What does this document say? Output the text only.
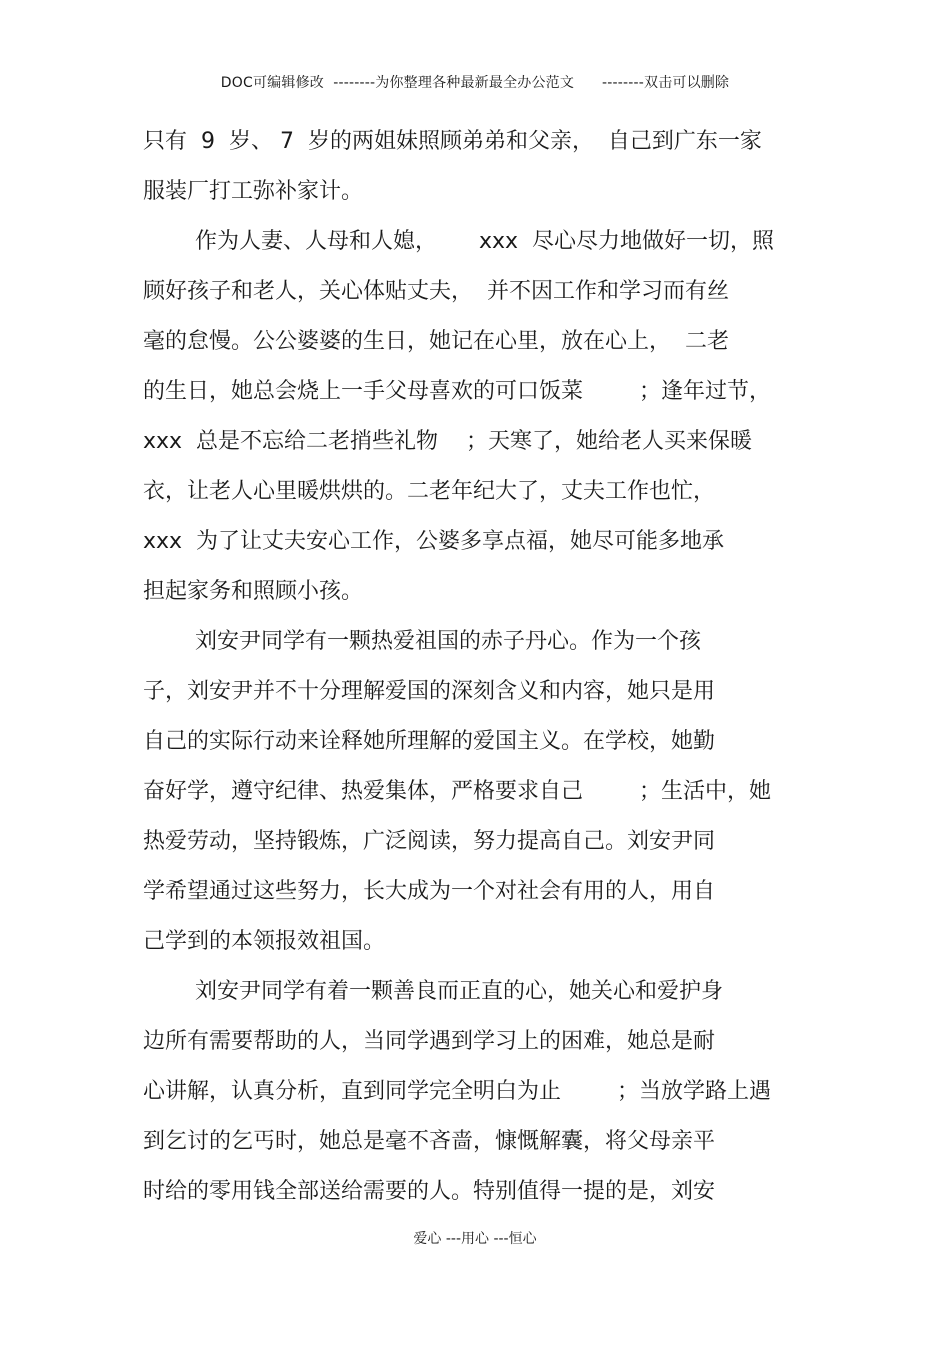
DOC可编辑修改  --------为你整理各种最新最全办公范文      --------双击可以删除
只有  9  岁、 7  岁的两姐妹照顾弟弟和父亲，  自己到广东一家
服装厂打工弥补家计。
作为人妻、人母和人媳，      xxx  尽心尽力地做好一切，照
顾好孩子和老人，关心体贴丈夫，  并不因工作和学习而有丝
毫的怠慢。公公婆婆的生日，她记在心里，放在心上，  二老
的生日，她总会烧上一手父母喜欢的可口饭菜        ；逢年过节，
xxx  总是不忘给二老捎些礼物    ；天寒了，她给老人买来保暖
衣，让老人心里暖烘烘的。二老年纪大了，丈夫工作也忙，
xxx  为了让丈夫安心工作，公婆多享点福，她尽可能多地承
担起家务和照顾小孩。
刘安尹同学有一颗热爱祖国的赤子丹心。作为一个孩
子，刘安尹并不十分理解爱国的深刻含义和内容，她只是用
自己的实际行动来诠释她所理解的爱国主义。在学校，她勤
奋好学，遵守纪律、热爱集体，严格要求自己        ；生活中，她
热爱劳动，坚持锻炼，广泛阅读，努力提高自己。刘安尹同
学希望通过这些努力，长大成为一个对社会有用的人，用自
己学到的本领报效祖国。
刘安尹同学有着一颗善良而正直的心，她关心和爱护身
边所有需要帮助的人，当同学遇到学习上的困难，她总是耐
心讲解，认真分析，直到同学完全明白为止        ；当放学路上遇
到乞讨的乞丐时，她总是毫不吝啬，慷慨解囊，将父母亲平
时给的零用钱全部送给需要的人。特别值得一提的是，刘安
爱心 ---用心 ---恒心
